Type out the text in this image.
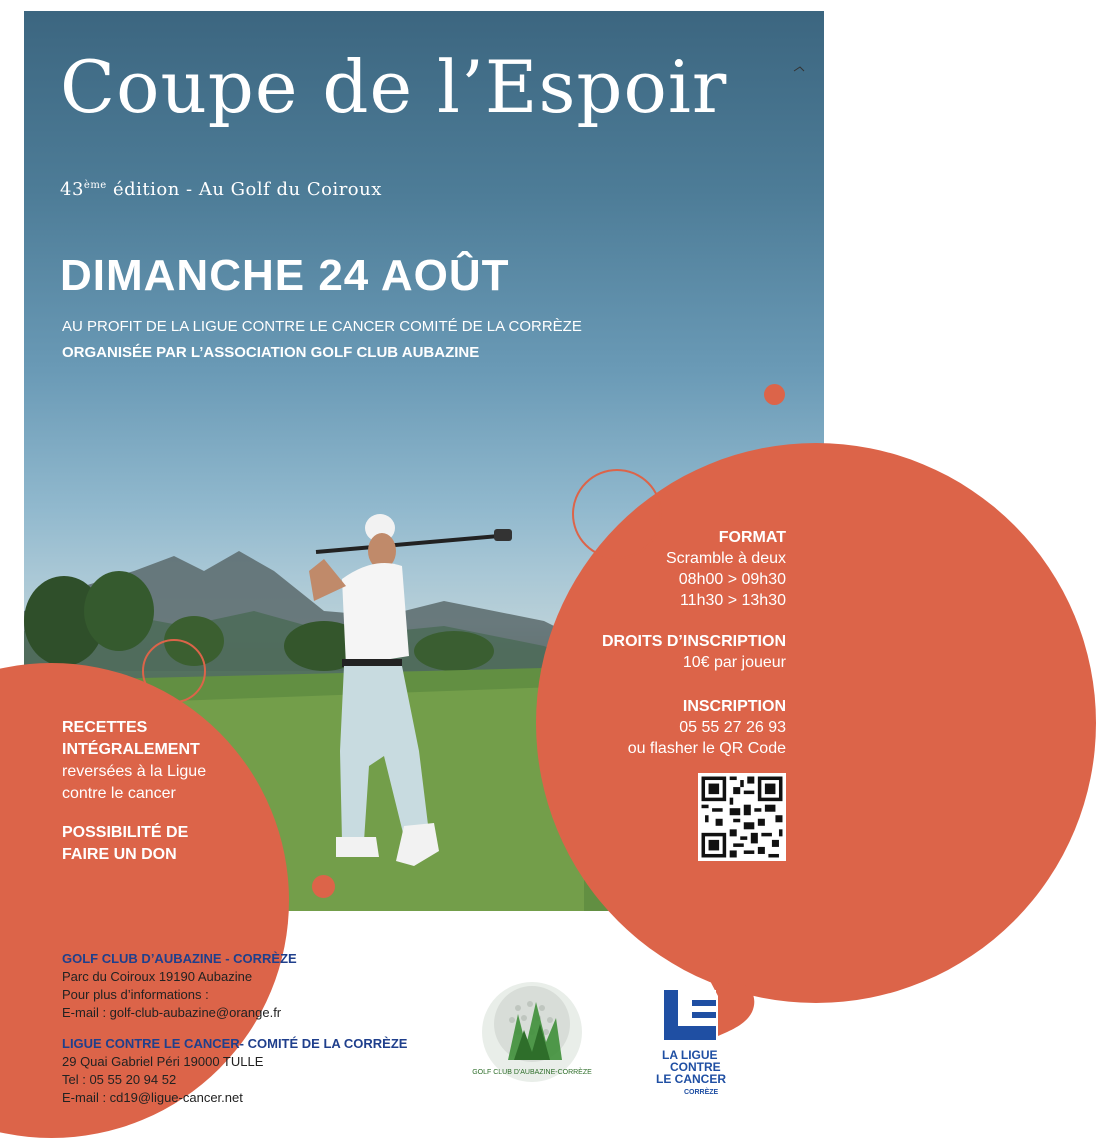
Coupe de l’Espoir
43ème édition - Au Golf du Coiroux
DIMANCHE 24 AOÛT
AU PROFIT DE LA LIGUE CONTRE LE CANCER COMITÉ DE LA CORRÈZE
ORGANISÉE PAR L’ASSOCIATION GOLF CLUB AUBAZINE
FORMAT
Scramble à deux
08h00 > 09h30
11h30 > 13h30
DROITS D’INSCRIPTION
10€ par joueur
INSCRIPTION
05 55 27 26 93
ou flasher le QR Code
RECETTES
INTÉGRALEMENT
reversées à la Ligue
contre le cancer
POSSIBILITÉ DE
FAIRE UN DON
GOLF CLUB D’AUBAZINE - CORRÈZE
Parc du Coiroux 19190 Aubazine
Pour plus d’informations :
E-mail : golf-club-aubazine@orange.fr
LIGUE CONTRE LE CANCER- COMITÉ DE LA CORRÈZE
29 Quai Gabriel Péri 19000 TULLE
Tel : 05 55 20 94 52
E-mail : cd19@ligue-cancer.net
GOLF CLUB D'AUBAZINE-CORRÈZE
LA LIGUE
CONTRE
LE CANCER
CORRÈZE
